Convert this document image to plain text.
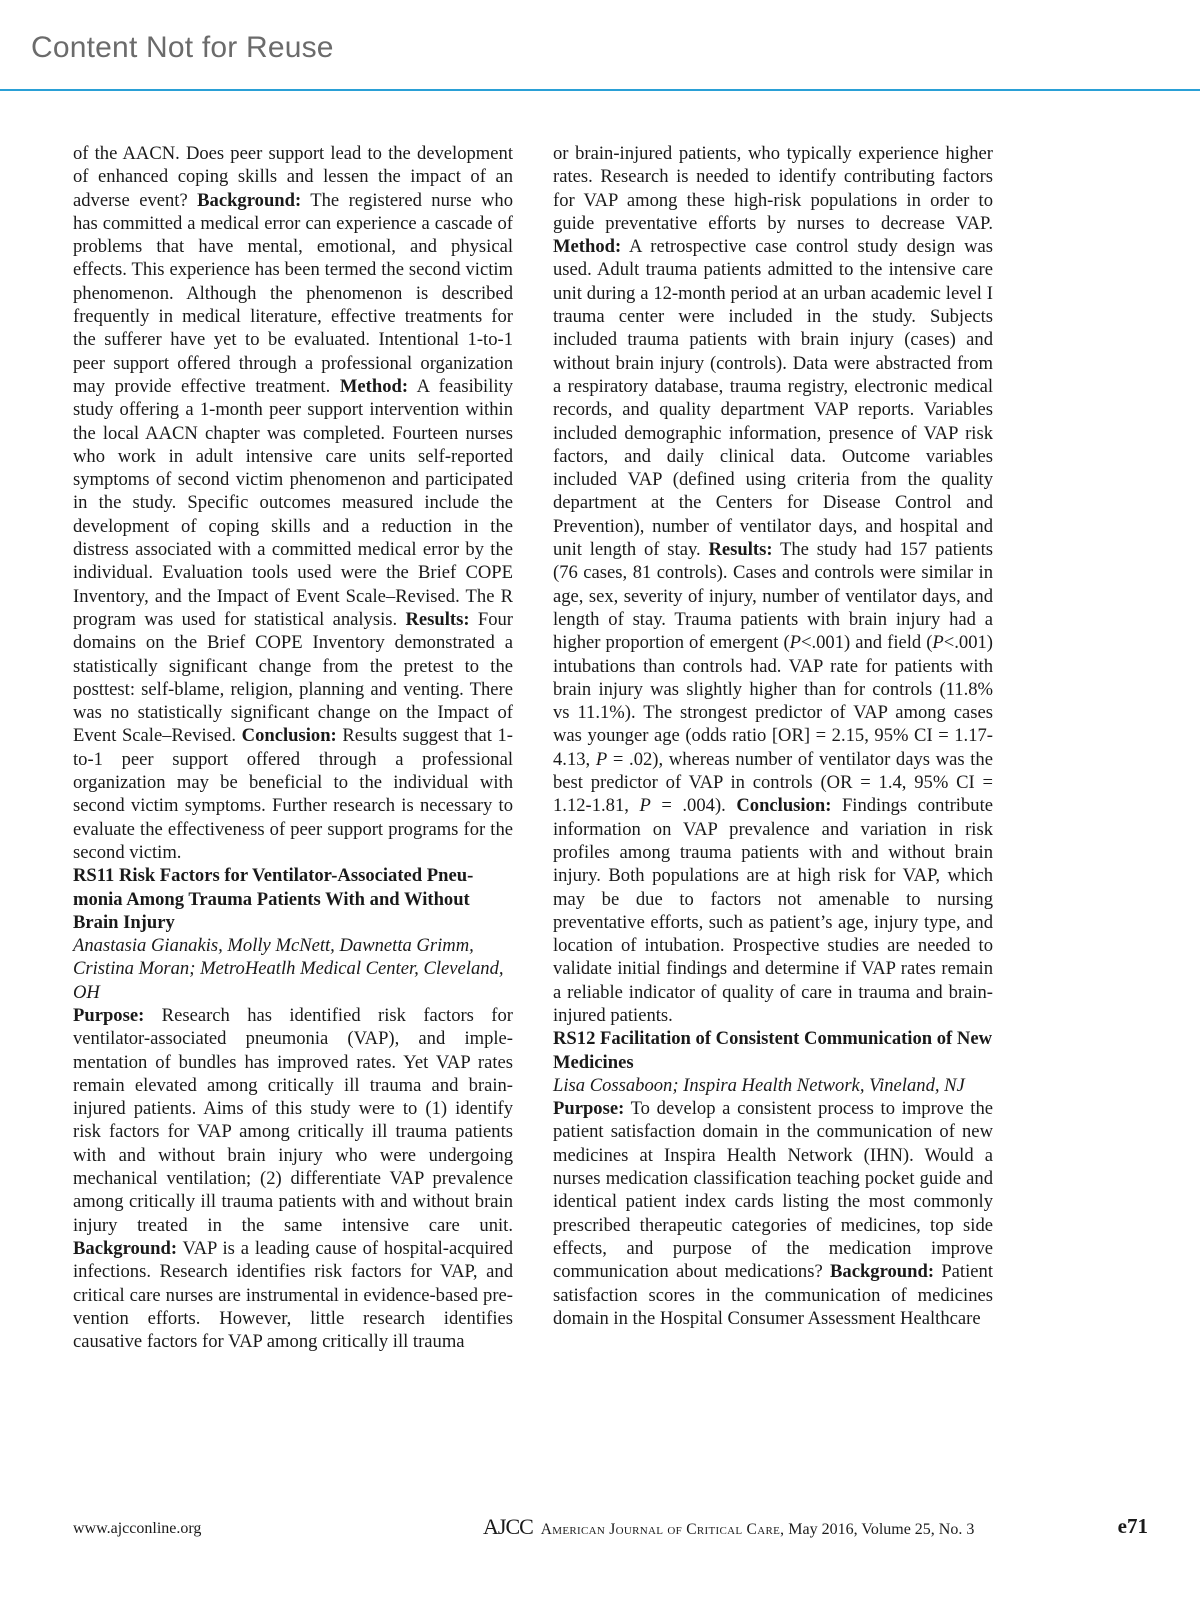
Content Not for Reuse

of the AACN. Does peer support lead to the development of enhanced coping skills and lessen the impact of an adverse event? Background: The registered nurse who has committed a medical error can experience a cascade of problems that have mental, emotional, and physical effects. This experience has been termed the second victim phenomenon. Although the phenomenon is described frequently in medical literature, effective treatments for the sufferer have yet to be evaluated. Intentional 1-to-1 peer support offered through a professional organization may provide effective treatment. Method: A feasibility study offering a 1-month peer support intervention within the local AACN chapter was completed. Fourteen nurses who work in adult intensive care units self-reported symptoms of second victim phenomenon and participated in the study. Specific outcomes measured include the development of coping skills and a reduction in the distress associated with a committed medical error by the individual. Evaluation tools used were the Brief COPE Inventory, and the Impact of Event Scale–Revised. The R program was used for statistical analysis. Results: Four domains on the Brief COPE Inventory demonstrated a statistically significant change from the pretest to the posttest: self-blame, religion, planning and venting. There was no statistically significant change on the Impact of Event Scale–Revised. Conclusion: Results suggest that 1-to-1 peer support offered through a professional organization may be beneficial to the individual with second victim symptoms. Further research is necessary to evaluate the effectiveness of peer support programs for the second victim.

RS11 Risk Factors for Ventilator-Associated Pneumonia Among Trauma Patients With and Without Brain Injury

Anastasia Gianakis, Molly McNett, Dawnetta Grimm, Cristina Moran; MetroHeatlh Medical Center, Cleveland, OH

Purpose: Research has identified risk factors for ventilator-associated pneumonia (VAP), and implementation of bundles has improved rates. Yet VAP rates remain elevated among critically ill trauma and brain-injured patients. Aims of this study were to (1) identify risk factors for VAP among critically ill trauma patients with and without brain injury who were undergoing mechanical ventilation; (2) differentiate VAP prevalence among critically ill trauma patients with and without brain injury treated in the same intensive care unit. Background: VAP is a leading cause of hospital-acquired infections. Research identifies risk factors for VAP, and critical care nurses are instrumental in evidence-based prevention efforts. However, little research identifies causative factors for VAP among critically ill trauma

or brain-injured patients, who typically experience higher rates. Research is needed to identify contributing factors for VAP among these high-risk populations in order to guide preventative efforts by nurses to decrease VAP. Method: A retrospective case control study design was used. Adult trauma patients admitted to the intensive care unit during a 12-month period at an urban academic level I trauma center were included in the study. Subjects included trauma patients with brain injury (cases) and without brain injury (controls). Data were abstracted from a respiratory database, trauma registry, electronic medical records, and quality department VAP reports. Variables included demographic information, presence of VAP risk factors, and daily clinical data. Outcome variables included VAP (defined using criteria from the quality department at the Centers for Disease Control and Prevention), number of ventilator days, and hospital and unit length of stay. Results: The study had 157 patients (76 cases, 81 controls). Cases and controls were similar in age, sex, severity of injury, number of ventilator days, and length of stay. Trauma patients with brain injury had a higher proportion of emergent (P<.001) and field (P<.001) intubations than controls had. VAP rate for patients with brain injury was slightly higher than for controls (11.8% vs 11.1%). The strongest predictor of VAP among cases was younger age (odds ratio [OR] = 2.15, 95% CI = 1.17-4.13, P = .02), whereas number of ventilator days was the best predictor of VAP in controls (OR = 1.4, 95% CI = 1.12-1.81, P = .004). Conclusion: Findings contribute information on VAP prevalence and variation in risk profiles among trauma patients with and without brain injury. Both populations are at high risk for VAP, which may be due to factors not amenable to nursing preventative efforts, such as patient’s age, injury type, and location of intubation. Prospective studies are needed to validate initial findings and determine if VAP rates remain a reliable indicator of quality of care in trauma and brain-injured patients.

RS12 Facilitation of Consistent Communication of New Medicines

Lisa Cossaboon; Inspira Health Network, Vineland, NJ

Purpose: To develop a consistent process to improve the patient satisfaction domain in the communication of new medicines at Inspira Health Network (IHN). Would a nurses medication classification teaching pocket guide and identical patient index cards listing the most commonly prescribed therapeutic categories of medicines, top side effects, and purpose of the medication improve communication about medications? Background: Patient satisfaction scores in the communication of medicines domain in the Hospital Consumer Assessment Healthcare

www.ajcconline.org	AJCC American Journal of Critical Care, May 2016, Volume 25, No. 3	e71
